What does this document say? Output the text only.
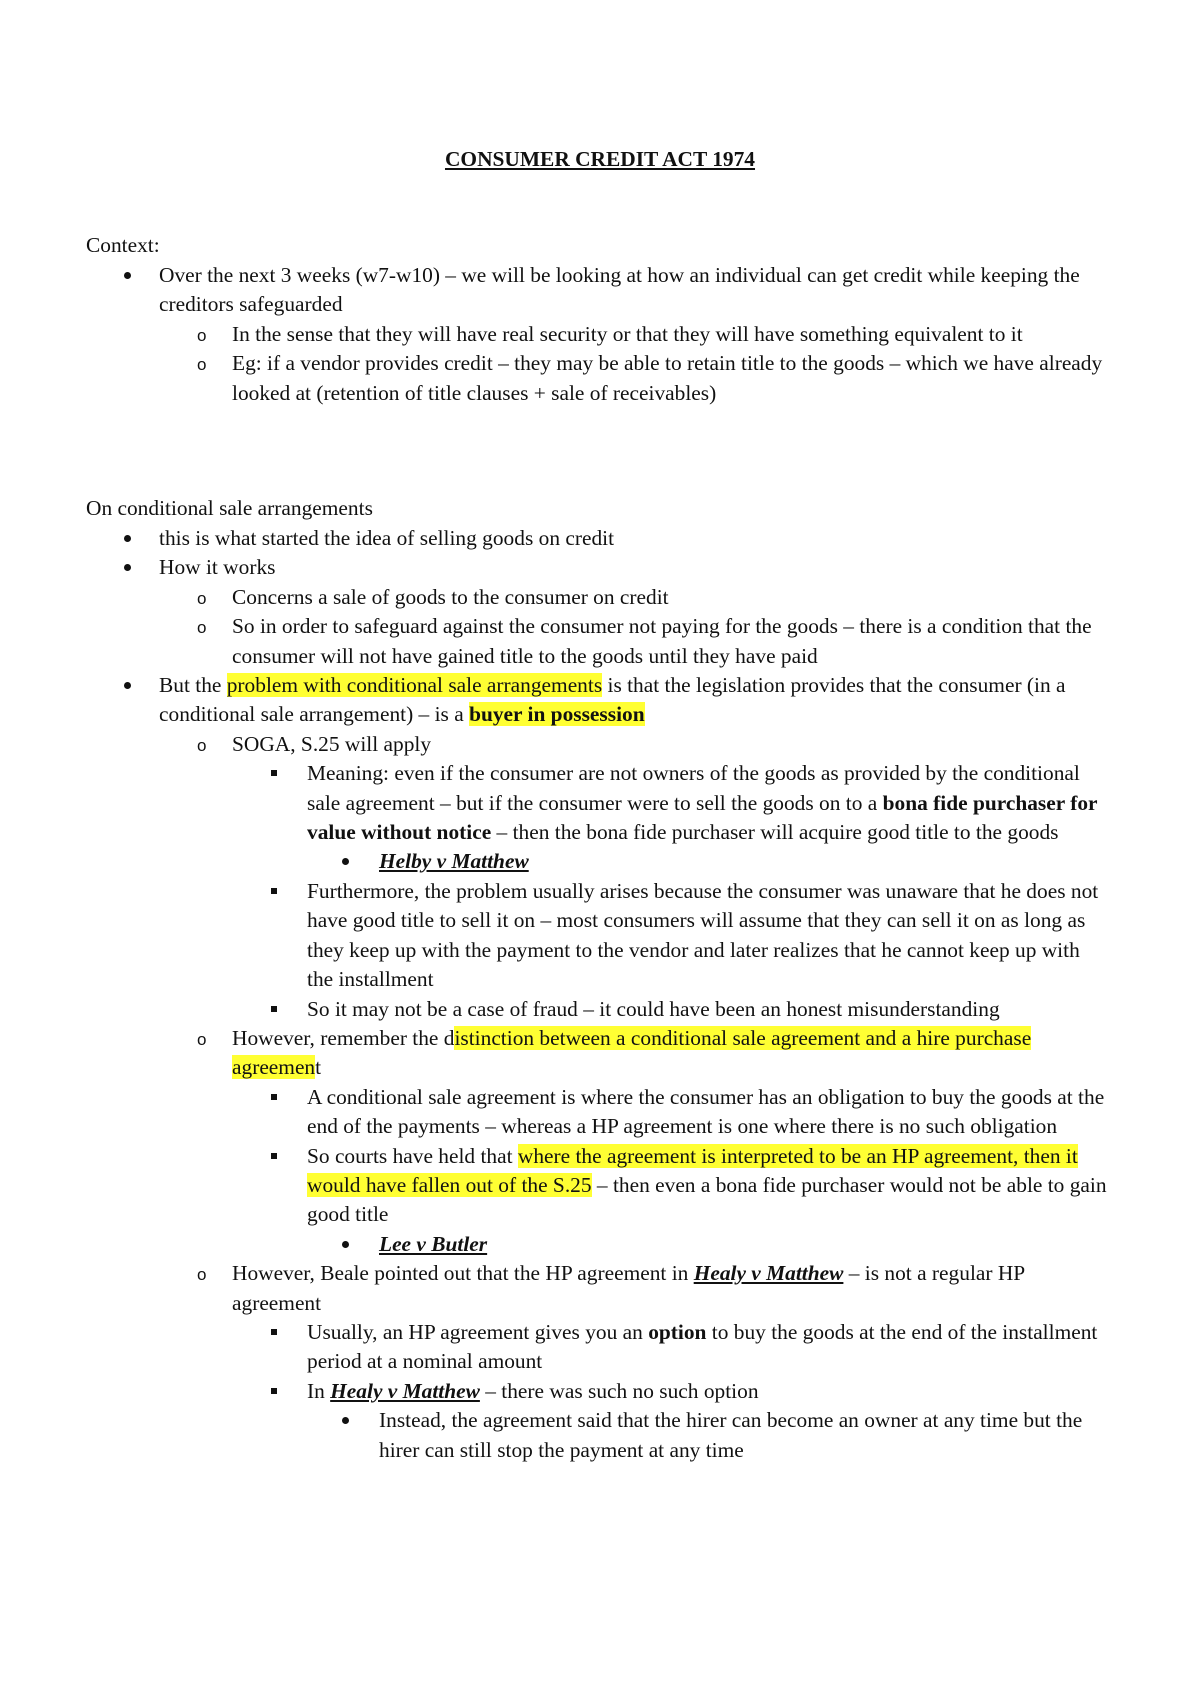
CONSUMER CREDIT ACT 1974

Context:

Over the next 3 weeks (w7-w10) – we will be looking at how an individual can get credit while keeping the creditors safeguarded
o In the sense that they will have real security or that they will have something equivalent to it
o Eg: if a vendor provides credit – they may be able to retain title to the goods – which we have already looked at (retention of title clauses + sale of receivables)

On conditional sale arrangements

this is what started the idea of selling goods on credit
How it works
o Concerns a sale of goods to the consumer on credit
o So in order to safeguard against the consumer not paying for the goods – there is a condition that the consumer will not have gained title to the goods until they have paid
But the problem with conditional sale arrangements is that the legislation provides that the consumer (in a conditional sale arrangement) – is a buyer in possession
o SOGA, S.25 will apply
Meaning: even if the consumer are not owners of the goods as provided by the conditional sale agreement – but if the consumer were to sell the goods on to a bona fide purchaser for value without notice – then the bona fide purchaser will acquire good title to the goods
Helby v Matthew
Furthermore, the problem usually arises because the consumer was unaware that he does not have good title to sell it on – most consumers will assume that they can sell it on as long as they keep up with the payment to the vendor and later realizes that he cannot keep up with the installment
So it may not be a case of fraud – it could have been an honest misunderstanding
o However, remember the distinction between a conditional sale agreement and a hire purchase agreement
A conditional sale agreement is where the consumer has an obligation to buy the goods at the end of the payments – whereas a HP agreement is one where there is no such obligation
So courts have held that where the agreement is interpreted to be an HP agreement, then it would have fallen out of the S.25 – then even a bona fide purchaser would not be able to gain good title
Lee v Butler
o However, Beale pointed out that the HP agreement in Healy v Matthew – is not a regular HP agreement
Usually, an HP agreement gives you an option to buy the goods at the end of the installment period at a nominal amount
In Healy v Matthew – there was such no such option
Instead, the agreement said that the hirer can become an owner at any time but the hirer can still stop the payment at any time
